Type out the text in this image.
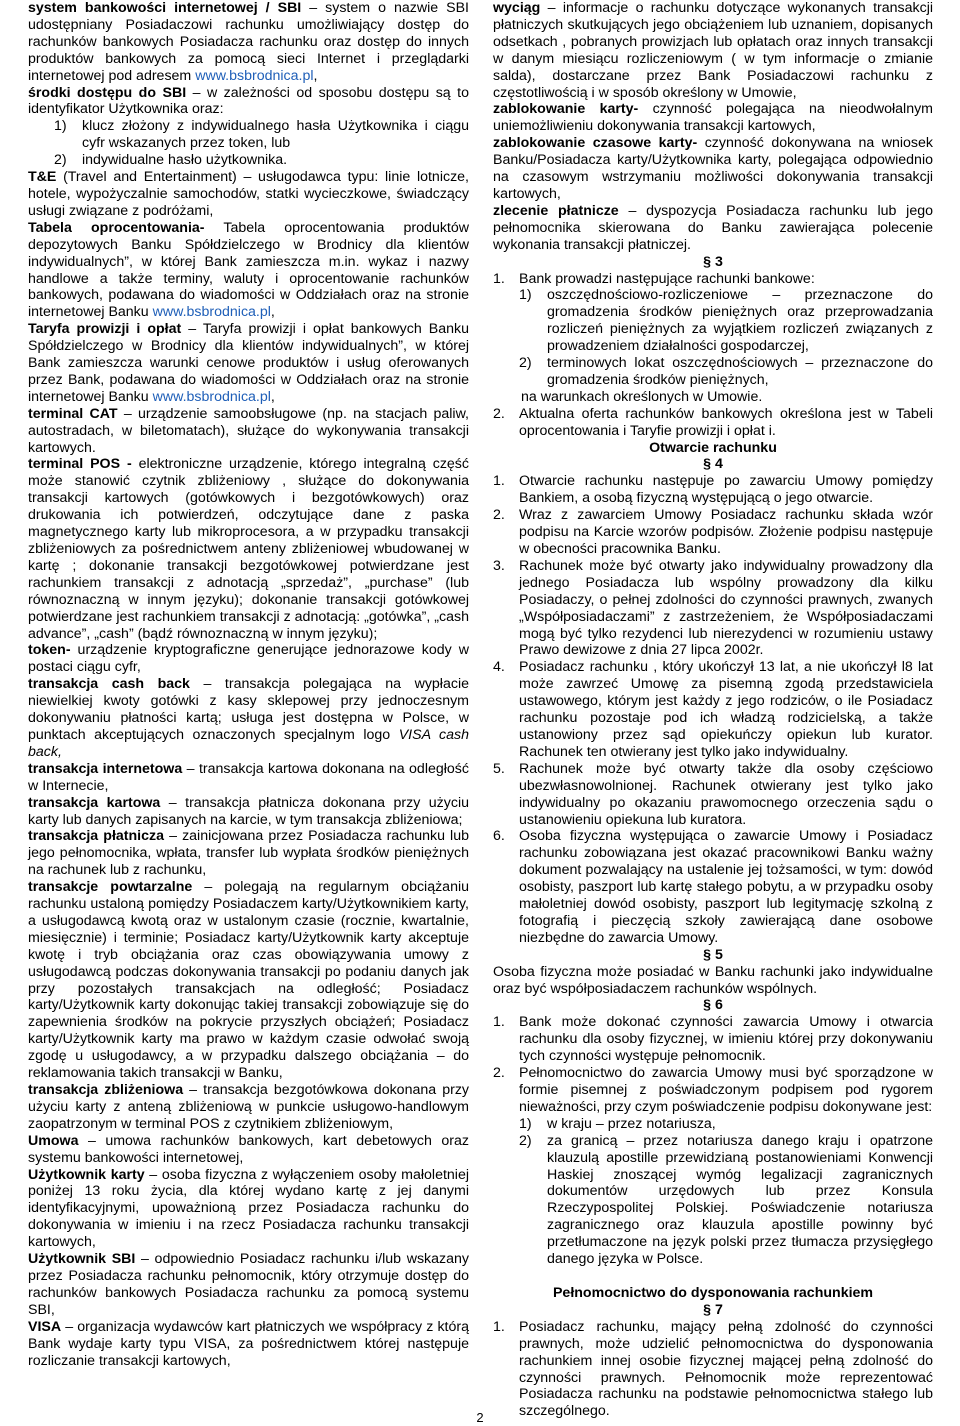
system bankowości internetowej / SBI – system o nazwie SBI udostępniany Posiadaczowi rachunku umożliwiający dostęp do rachunków bankowych Posiadacza rachunku oraz dostęp do innych produktów bankowych za pomocą sieci Internet i przeglądarki internetowej pod adresem www.bsbrodnica.pl,

środki dostępu do SBI – w zależności od sposobu dostępu są to identyfikator Użytkownika oraz:

1)	klucz złożony z indywidualnego hasła Użytkownika i ciągu cyfr wskazanych przez token, lub
2)	indywidualne hasło użytkownika.

T&E (Travel and Entertainment) – usługodawca typu: linie lotnicze, hotele, wypożyczalnie samochodów, statki wycieczkowe, świadczący usługi związane z podróżami,

Tabela oprocentowania- Tabela oprocentowania produktów depozytowych Banku Spółdzielczego w Brodnicy dla klientów indywidualnych”, w której Bank zamieszcza m.in. wykaz i nazwy handlowe a także terminy, waluty i oprocentowanie rachunków bankowych, podawana do wiadomości w Oddziałach oraz na stronie internetowej Banku www.bsbrodnica.pl,

Taryfa prowizji i opłat – Taryfa prowizji i opłat bankowych Banku Spółdzielczego w Brodnicy dla klientów indywidualnych”, w której Bank zamieszcza warunki cenowe produktów i usług oferowanych przez Bank, podawana do wiadomości w Oddziałach oraz na stronie internetowej Banku www.bsbrodnica.pl,

terminal CAT – urządzenie samoobsługowe (np. na stacjach paliw, autostradach, w biletomatach), służące do wykonywania transakcji kartowych.

terminal POS - elektroniczne urządzenie, którego integralną część może stanowić czytnik zbliżeniowy , służące do dokonywania transakcji kartowych (gotówkowych i bezgotówkowych) oraz drukowania ich potwierdzeń, odczytujące dane z paska magnetycznego karty lub mikroprocesora, a w przypadku transakcji zbliżeniowych za pośrednictwem anteny zbliżeniowej wbudowanej w kartę ; dokonanie transakcji bezgotówkowej potwierdzane jest rachunkiem transakcji z adnotacją „sprzedaż”, „purchase” (lub równoznaczną w innym języku); dokonanie transakcji gotówkowej potwierdzane jest rachunkiem transakcji z adnotacją: „gotówka”, „cash advance”, „cash” (bądź równoznaczną w innym języku);

token- urządzenie kryptograficzne generujące jednorazowe kody w postaci ciągu cyfr,

transakcja cash back – transakcja polegająca na wypłacie niewielkiej kwoty gotówki z kasy sklepowej przy jednoczesnym dokonywaniu płatności kartą; usługa jest dostępna w Polsce, w punktach akceptujących oznaczonych specjalnym logo VISA cash back,

transakcja internetowa – transakcja kartowa dokonana na odległość w Internecie,

transakcja kartowa – transakcja płatnicza dokonana przy użyciu karty lub danych zapisanych na karcie, w tym transakcja zbliżeniowa;

transakcja płatnicza – zainicjowana przez Posiadacza rachunku lub jego pełnomocnika, wpłata, transfer lub wypłata środków pieniężnych na rachunek lub z rachunku,

transakcje powtarzalne – polegają na regularnym obciążaniu rachunku ustaloną pomiędzy Posiadaczem karty/Użytkownikiem karty, a usługodawcą kwotą oraz w ustalonym czasie (rocznie, kwartalnie, miesięcznie) i terminie; Posiadacz karty/Użytkownik karty akceptuje kwotę i tryb obciążania oraz czas obowiązywania umowy z usługodawcą podczas dokonywania transakcji po podaniu danych jak przy pozostałych transakcjach na odległość; Posiadacz karty/Użytkownik karty dokonując takiej transakcji zobowiązuje się do zapewnienia środków na pokrycie przyszłych obciążeń; Posiadacz karty/Użytkownik karty ma prawo w każdym czasie odwołać swoją zgodę u usługodawcy, a w przypadku dalszego obciążania – do reklamowania takich transakcji w Banku,

transakcja zbliżeniowa – transakcja bezgotówkowa dokonana przy użyciu karty z anteną zbliżeniową w punkcie usługowo-handlowym zaopatrzonym w terminal POS z czytnikiem zbliżeniowym,

Umowa – umowa rachunków bankowych, kart debetowych oraz systemu bankowości internetowej,

Użytkownik karty – osoba fizyczna z wyłączeniem osoby małoletniej poniżej 13 roku życia, dla której wydano kartę z jej danymi identyfikacyjnymi, upoważnioną przez Posiadacza rachunku do dokonywania w imieniu i na rzecz Posiadacza rachunku transakcji kartowych,

Użytkownik SBI – odpowiednio Posiadacz rachunku i/lub wskazany przez Posiadacza rachunku pełnomocnik, który otrzymuje dostęp do rachunków bankowych Posiadacza rachunku za pomocą systemu SBI,

VISA – organizacja wydawców kart płatniczych we współpracy z którą Bank wydaje karty typu VISA, za pośrednictwem której następuje rozliczanie transakcji kartowych,

wyciąg – informacje o rachunku dotyczące wykonanych transakcji płatniczych skutkujących jego obciążeniem lub uznaniem, dopisanych odsetkach , pobranych prowizjach lub opłatach oraz innych transakcji w danym miesiącu rozliczeniowym ( w tym informacje o zmianie salda), dostarczane przez Bank Posiadaczowi rachunku z częstotliwością i w sposób określony w Umowie,

zablokowanie karty- czynność polegająca na nieodwołalnym uniemożliwieniu dokonywania transakcji kartowych,

zablokowanie czasowe karty- czynność dokonywana na wniosek Banku/Posiadacza karty/Użytkownika karty, polegająca odpowiednio na czasowym wstrzymaniu możliwości dokonywania transakcji kartowych,

zlecenie płatnicze – dyspozycja Posiadacza rachunku lub jego pełnomocnika skierowana do Banku zawierająca polecenie wykonania transakcji płatniczej.

§ 3

1. Bank prowadzi następujące rachunki bankowe:
1)	oszczędnościowo-rozliczeniowe – przeznaczone do gromadzenia środków pieniężnych oraz przeprowadzania rozliczeń pieniężnych za wyjątkiem rozliczeń związanych z prowadzeniem działalności gospodarczej,
2)	terminowych lokat oszczędnościowych – przeznaczone do gromadzenia środków pieniężnych,

na warunkach określonych w Umowie.

2. Aktualna oferta rachunków bankowych określona jest w Tabeli oprocentowania i Taryfie prowizji i opłat i.

Otwarcie rachunku

§ 4

1. Otwarcie rachunku następuje po zawarciu Umowy pomiędzy Bankiem, a osobą fizyczną występującą o jego otwarcie.
2. Wraz z zawarciem Umowy Posiadacz rachunku składa wzór podpisu na Karcie wzorów podpisów. Złożenie podpisu następuje w obecności pracownika Banku.
3. Rachunek może być otwarty jako indywidualny prowadzony dla jednego Posiadacza lub wspólny prowadzony dla kilku Posiadaczy, o pełnej zdolności do czynności prawnych, zwanych „Współposiadaczami” z zastrzeżeniem, że Współposiadaczami mogą być tylko rezydenci lub nierezydenci w rozumieniu ustawy Prawo dewizowe z dnia 27 lipca 2002r.
4. Posiadacz rachunku , który ukończył 13 lat, a nie ukończył l8 lat może zawrzeć Umowę za pisemną zgodą przedstawiciela ustawowego, którym jest każdy z jego rodziców, o ile Posiadacz rachunku pozostaje pod ich władzą rodzicielską, a także ustanowiony przez sąd opiekuńczy opiekun lub kurator. Rachunek ten otwierany jest tylko jako indywidualny.
5. Rachunek może być otwarty także dla osoby częściowo ubezwłasnowolnionej. Rachunek otwierany jest tylko jako indywidualny po okazaniu prawomocnego orzeczenia sądu o ustanowieniu opiekuna lub kuratora.
6. Osoba fizyczna występująca o zawarcie Umowy i Posiadacz rachunku zobowiązana jest okazać pracownikowi Banku ważny dokument pozwalający na ustalenie jej tożsamości, w tym: dowód osobisty, paszport lub kartę stałego pobytu, a w przypadku osoby małoletniej dowód osobisty, paszport lub legitymację szkolną z fotografią i pieczęcią szkoły zawierającą dane osobowe niezbędne do zawarcia Umowy.

§ 5

Osoba fizyczna może posiadać w Banku rachunki jako indywidualne oraz być współposiadaczem rachunków wspólnych.

§ 6

1. Bank może dokonać czynności zawarcia Umowy i otwarcia rachunku dla osoby fizycznej, w imieniu której przy dokonywaniu tych czynności występuje pełnomocnik.
2. Pełnomocnictwo do zawarcia Umowy musi być sporządzone w formie pisemnej z poświadczonym podpisem pod rygorem nieważności, przy czym poświadczenie podpisu dokonywane jest:
1)	w kraju – przez notariusza,
2)	za granicą – przez notariusza danego kraju i opatrzone klauzulą apostille przewidzianą postanowieniami Konwencji Haskiej znoszącej wymóg legalizacji zagranicznych dokumentów urzędowych lub przez Konsula Rzeczypospolitej Polskiej. Poświadczenie notariusza zagranicznego oraz klauzula apostille powinny być przetłumaczone na język polski przez tłumacza przysięgłego danego języka w Polsce.

Pełnomocnictwo do dysponowania rachunkiem

§ 7

1. Posiadacz rachunku, mający pełną zdolność do czynności prawnych, może udzielić pełnomocnictwa do dysponowania rachunkiem innej osobie fizycznej mającej pełną zdolność do czynności prawnych. Pełnomocnik może reprezentować Posiadacza rachunku na podstawie pełnomocnictwa stałego lub szczególnego.
2
